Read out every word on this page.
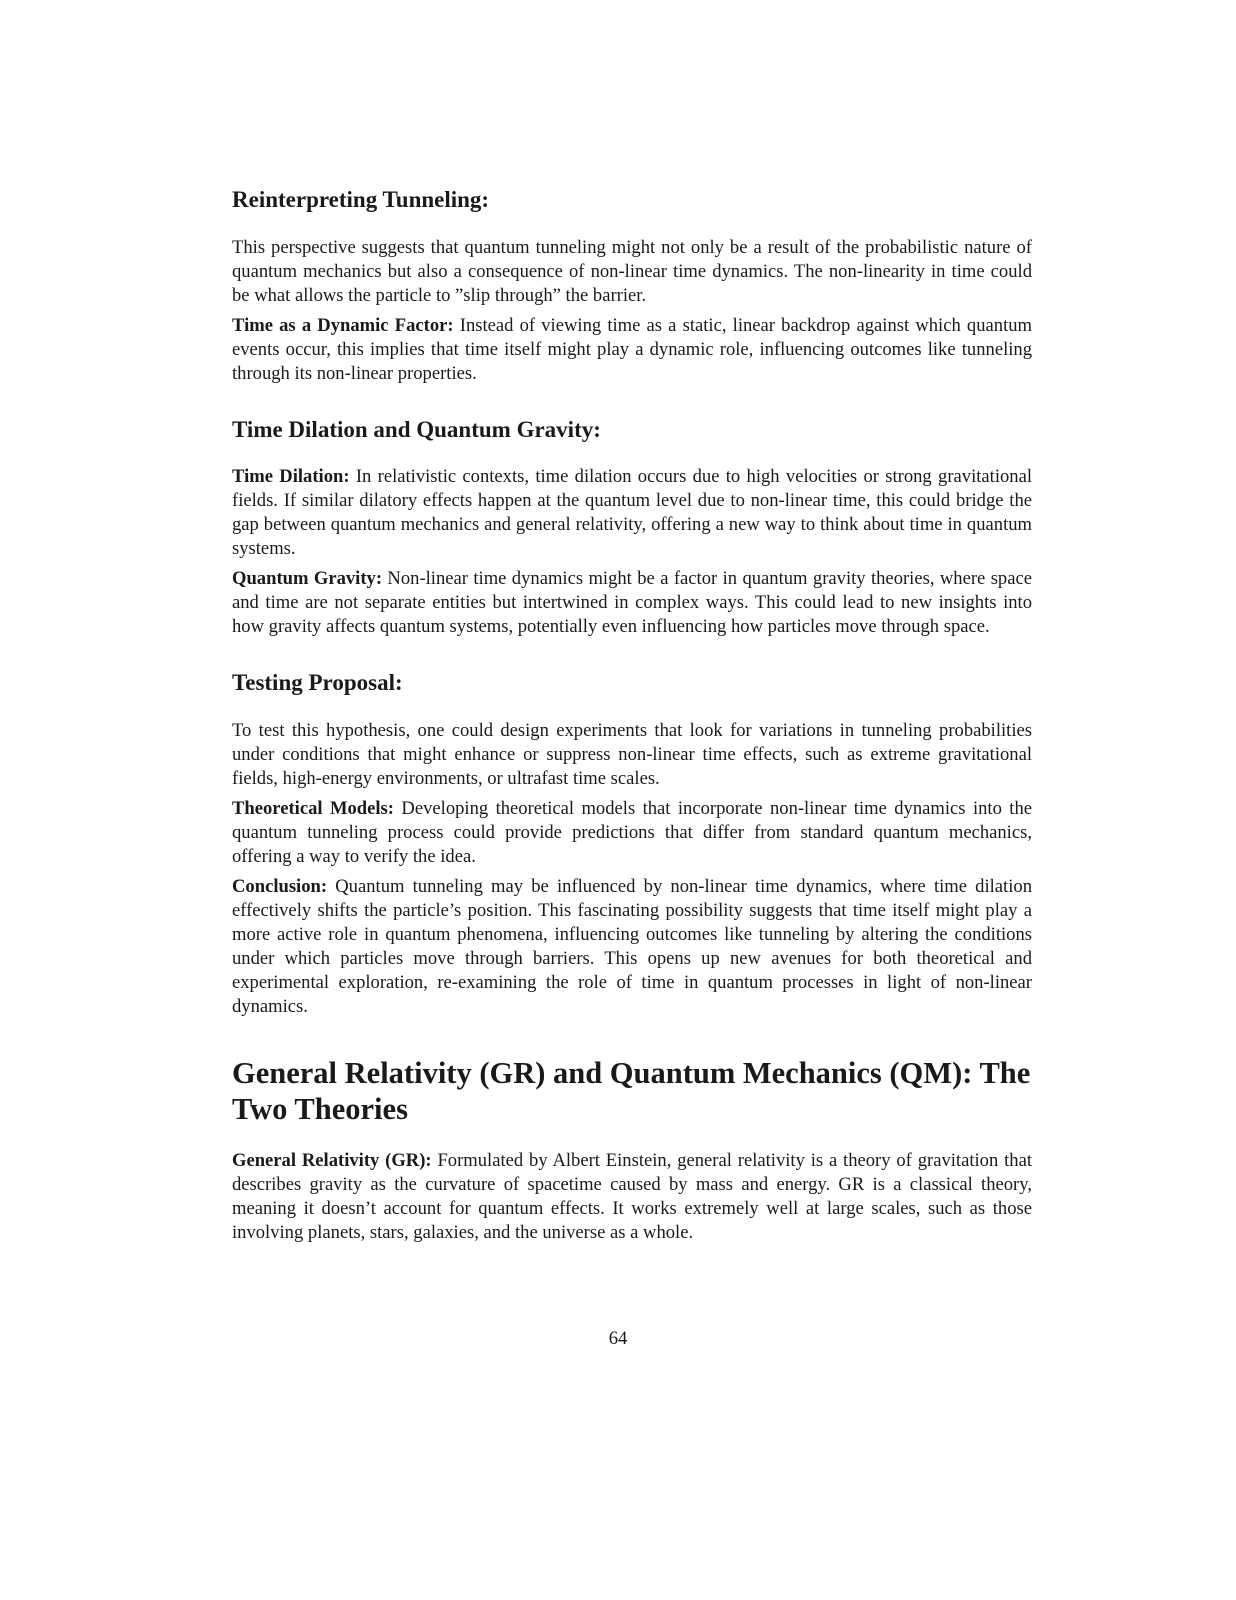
Reinterpreting Tunneling:

This perspective suggests that quantum tunneling might not only be a result of the probabilistic nature of quantum mechanics but also a consequence of non-linear time dynamics. The non-linearity in time could be what allows the particle to ”slip through” the barrier.

Time as a Dynamic Factor: Instead of viewing time as a static, linear backdrop against which quantum events occur, this implies that time itself might play a dynamic role, influencing outcomes like tunneling through its non-linear properties.

Time Dilation and Quantum Gravity:

Time Dilation: In relativistic contexts, time dilation occurs due to high velocities or strong gravitational fields. If similar dilatory effects happen at the quantum level due to non-linear time, this could bridge the gap between quantum mechanics and general relativity, offering a new way to think about time in quantum systems.

Quantum Gravity: Non-linear time dynamics might be a factor in quantum gravity theories, where space and time are not separate entities but intertwined in complex ways. This could lead to new insights into how gravity affects quantum systems, potentially even influencing how particles move through space.

Testing Proposal:

To test this hypothesis, one could design experiments that look for variations in tunneling probabilities under conditions that might enhance or suppress non-linear time effects, such as extreme gravitational fields, high-energy environments, or ultrafast time scales.

Theoretical Models: Developing theoretical models that incorporate non-linear time dynamics into the quantum tunneling process could provide predictions that differ from standard quantum mechanics, offering a way to verify the idea.

Conclusion: Quantum tunneling may be influenced by non-linear time dynamics, where time dilation effectively shifts the particle’s position. This fascinating possibility suggests that time itself might play a more active role in quantum phenomena, influencing outcomes like tunneling by altering the conditions under which particles move through barriers. This opens up new avenues for both theoretical and experimental exploration, re-examining the role of time in quantum processes in light of non-linear dynamics.

General Relativity (GR) and Quantum Mechanics (QM): The Two Theories

General Relativity (GR): Formulated by Albert Einstein, general relativity is a theory of gravitation that describes gravity as the curvature of spacetime caused by mass and energy. GR is a classical theory, meaning it doesn’t account for quantum effects. It works extremely well at large scales, such as those involving planets, stars, galaxies, and the universe as a whole.

64
